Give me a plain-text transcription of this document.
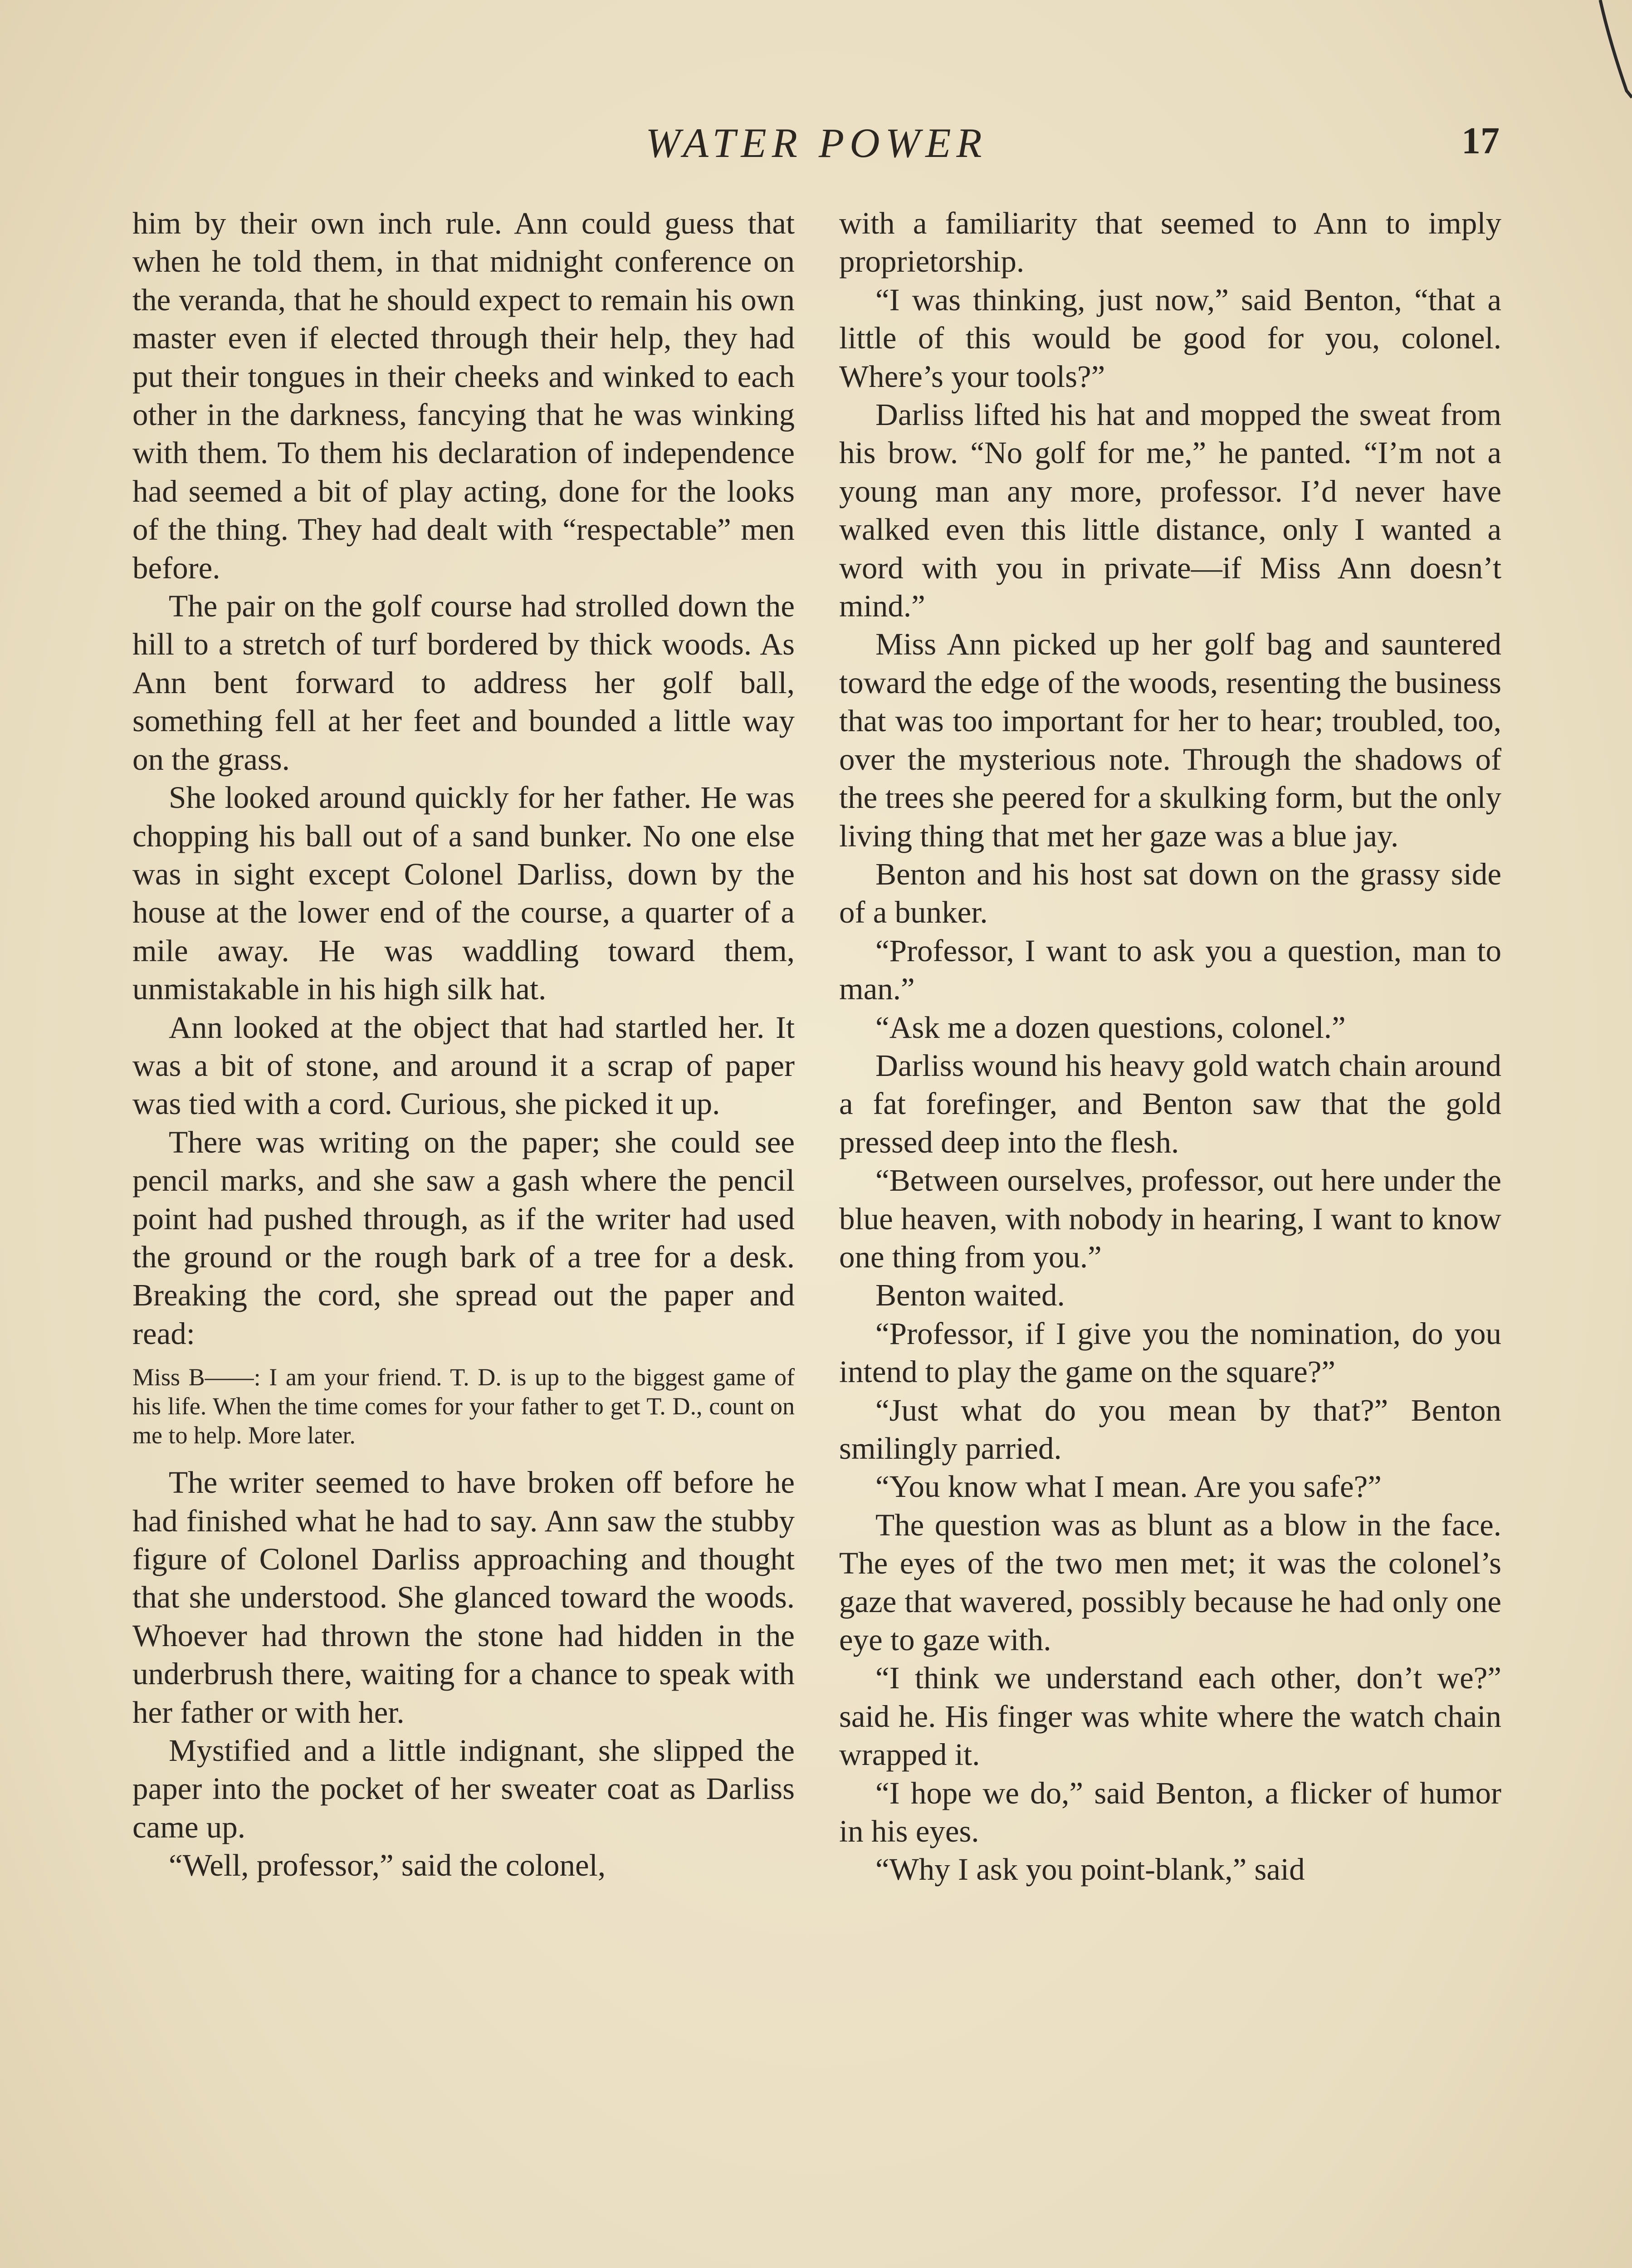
WATER POWER	17

him by their own inch rule. Ann could guess that when he told them, in that midnight conference on the veranda, that he should expect to remain his own master even if elected through their help, they had put their tongues in their cheeks and winked to each other in the darkness, fancying that he was winking with them. To them his declaration of independence had seemed a bit of play acting, done for the looks of the thing. They had dealt with “respectable” men before.

The pair on the golf course had strolled down the hill to a stretch of turf bordered by thick woods. As Ann bent forward to address her golf ball, something fell at her feet and bounded a little way on the grass.

She looked around quickly for her father. He was chopping his ball out of a sand bunker. No one else was in sight except Colonel Darliss, down by the house at the lower end of the course, a quarter of a mile away. He was waddling toward them, unmistakable in his high silk hat.

Ann looked at the object that had startled her. It was a bit of stone, and around it a scrap of paper was tied with a cord. Curious, she picked it up.

There was writing on the paper; she could see pencil marks, and she saw a gash where the pencil point had pushed through, as if the writer had used the ground or the rough bark of a tree for a desk. Breaking the cord, she spread out the paper and read:

Miss B——: I am your friend. T. D. is up to the biggest game of his life. When the time comes for your father to get T. D., count on me to help. More later.

The writer seemed to have broken off before he had finished what he had to say. Ann saw the stubby figure of Colonel Darliss approaching and thought that she understood. She glanced toward the woods. Whoever had thrown the stone had hidden in the underbrush there, waiting for a chance to speak with her father or with her.

Mystified and a little indignant, she slipped the paper into the pocket of her sweater coat as Darliss came up.

“Well, professor,” said the colonel,

with a familiarity that seemed to Ann to imply proprietorship.

“I was thinking, just now,” said Benton, “that a little of this would be good for you, colonel. Where’s your tools?”

Darliss lifted his hat and mopped the sweat from his brow. “No golf for me,” he panted. “I’m not a young man any more, professor. I’d never have walked even this little distance, only I wanted a word with you in private—if Miss Ann doesn’t mind.”

Miss Ann picked up her golf bag and sauntered toward the edge of the woods, resenting the business that was too important for her to hear; troubled, too, over the mysterious note. Through the shadows of the trees she peered for a skulking form, but the only living thing that met her gaze was a blue jay.

Benton and his host sat down on the grassy side of a bunker.

“Professor, I want to ask you a question, man to man.”

“Ask me a dozen questions, colonel.”

Darliss wound his heavy gold watch chain around a fat forefinger, and Benton saw that the gold pressed deep into the flesh.

“Between ourselves, professor, out here under the blue heaven, with nobody in hearing, I want to know one thing from you.”

Benton waited.

“Professor, if I give you the nomination, do you intend to play the game on the square?”

“Just what do you mean by that?” Benton smilingly parried.

“You know what I mean. Are you safe?”

The question was as blunt as a blow in the face. The eyes of the two men met; it was the colonel’s gaze that wavered, possibly because he had only one eye to gaze with.

“I think we understand each other, don’t we?” said he. His finger was white where the watch chain wrapped it.

“I hope we do,” said Benton, a flicker of humor in his eyes.

“Why I ask you point-blank,” said
